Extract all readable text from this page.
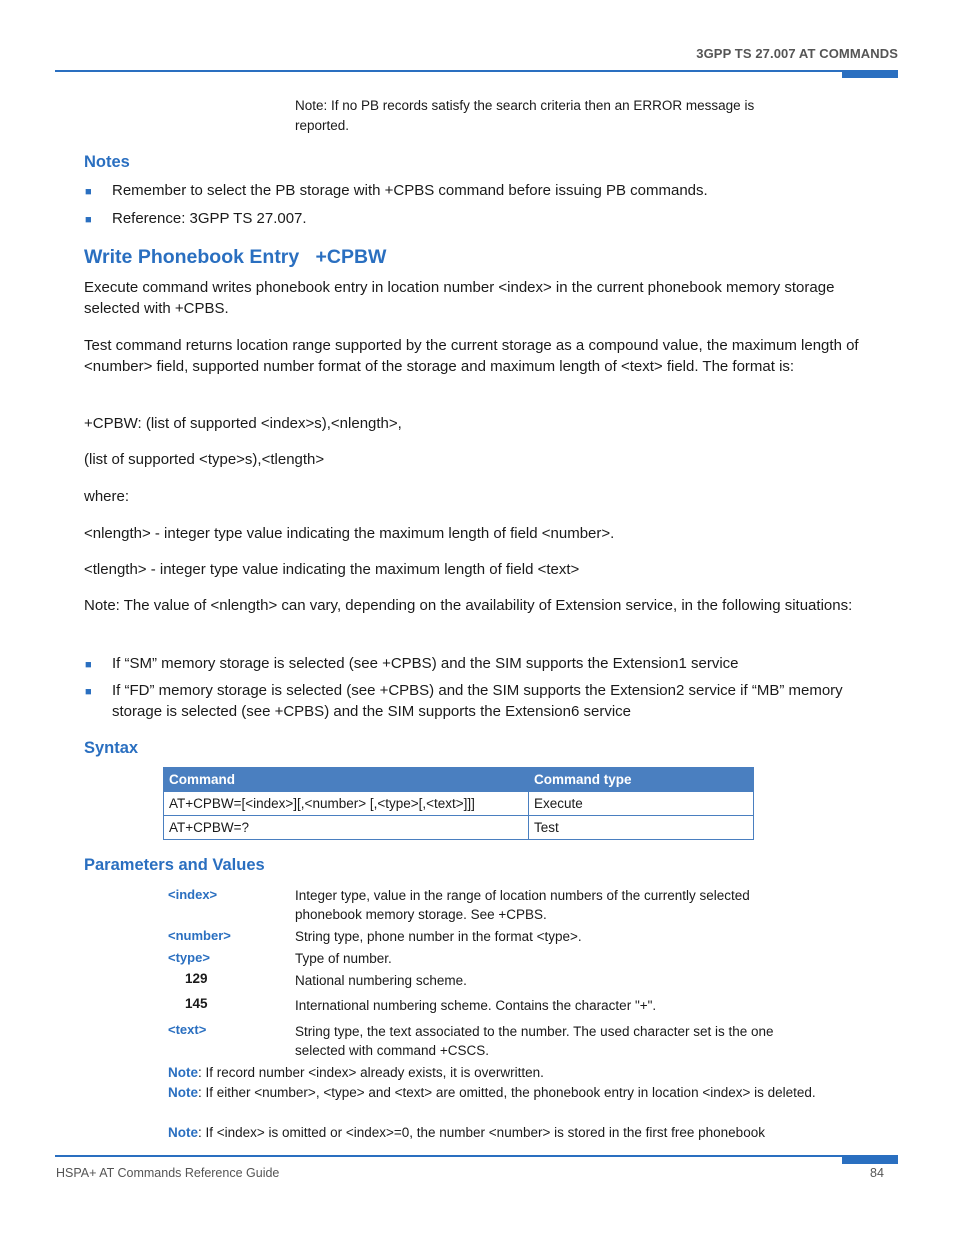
3GPP TS 27.007 AT COMMANDS
Note: If no PB records satisfy the search criteria then an ERROR message is reported.
Notes
■ Remember to select the PB storage with +CPBS command before issuing PB commands.
■ Reference: 3GPP TS 27.007.
Write Phonebook Entry   +CPBW
Execute command writes phonebook entry in location number <index> in the current phonebook memory storage selected with +CPBS.
Test command returns location range supported by the current storage as a compound value, the maximum length of <number> field, supported number format of the storage and maximum length of <text> field. The format is:
+CPBW: (list of supported <index>s),<nlength>,
(list of supported <type>s),<tlength>
where:
<nlength> - integer type value indicating the maximum length of field <number>.
<tlength> - integer type value indicating the maximum length of field <text>
Note: The value of <nlength> can vary, depending on the availability of Extension service, in the following situations:
■ If “SM” memory storage is selected (see +CPBS) and the SIM supports the Extension1 service
■ If “FD” memory storage is selected (see +CPBS) and the SIM supports the Extension2 service if “MB” memory storage is selected (see +CPBS) and the SIM supports the Extension6 service
Syntax
Command	Command type
AT+CPBW=[<index>][,<number> [,<type>[,<text>]]]	Execute
AT+CPBW=?	Test
Parameters and Values
<index>	Integer type, value in the range of location numbers of the currently selected phonebook memory storage. See +CPBS.
<number>	String type, phone number in the format <type>.
<type>	Type of number.
129	National numbering scheme.
145	International numbering scheme. Contains the character "+".
<text>	String type, the text associated to the number. The used character set is the one selected with command +CSCS.
Note: If record number <index> already exists, it is overwritten.
Note: If either <number>, <type> and <text> are omitted, the phonebook entry in location <index> is deleted.
Note: If <index> is omitted or <index>=0, the number <number> is stored in the first free phonebook
HSPA+ AT Commands Reference Guide	84
